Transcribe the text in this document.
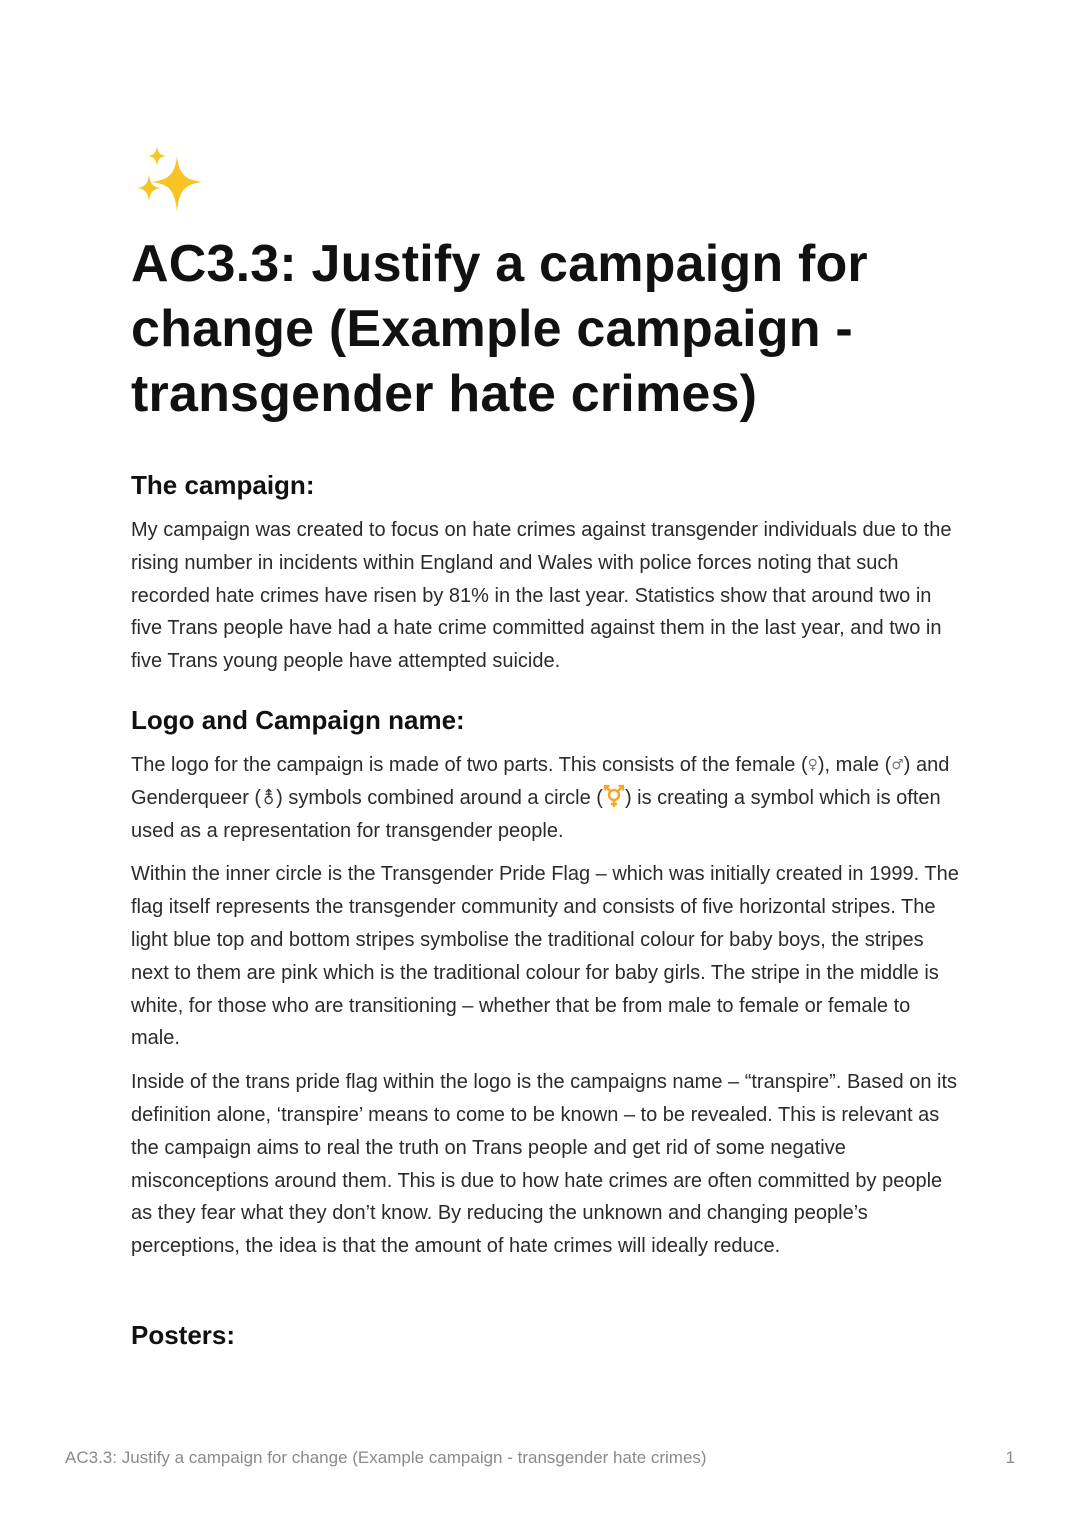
AC3.3: Justify a campaign for change (Example campaign - transgender hate crimes)
The campaign:

My campaign was created to focus on hate crimes against transgender individuals due to the rising number in incidents within England and Wales with police forces noting that such recorded hate crimes have risen by 81% in the last year. Statistics show that around two in five Trans people have had a hate crime committed against them in the last year, and two in five Trans young people have attempted suicide.

Logo and Campaign name:

The logo for the campaign is made of two parts. This consists of the female (♀), male (♂) and Genderqueer (⚨) symbols combined around a circle ( ) is creating a symbol which is often used as a representation for transgender people.

Within the inner circle is the Transgender Pride Flag – which was initially created in 1999. The flag itself represents the transgender community and consists of five horizontal stripes. The light blue top and bottom stripes symbolise the traditional colour for baby boys, the stripes next to them are pink which is the traditional colour for baby girls. The stripe in the middle is white, for those who are transitioning – whether that be from male to female or female to male.

Inside of the trans pride flag within the logo is the campaigns name – “transpire”. Based on its definition alone, ‘transpire’ means to come to be known – to be revealed. This is relevant as the campaign aims to real the truth on Trans people and get rid of some negative misconceptions around them. This is due to how hate crimes are often committed by people as they fear what they don’t know. By reducing the unknown and changing people’s perceptions, the idea is that the amount of hate crimes will ideally reduce.

Posters:
AC3.3: Justify a campaign for change (Example campaign - transgender hate crimes)	1
